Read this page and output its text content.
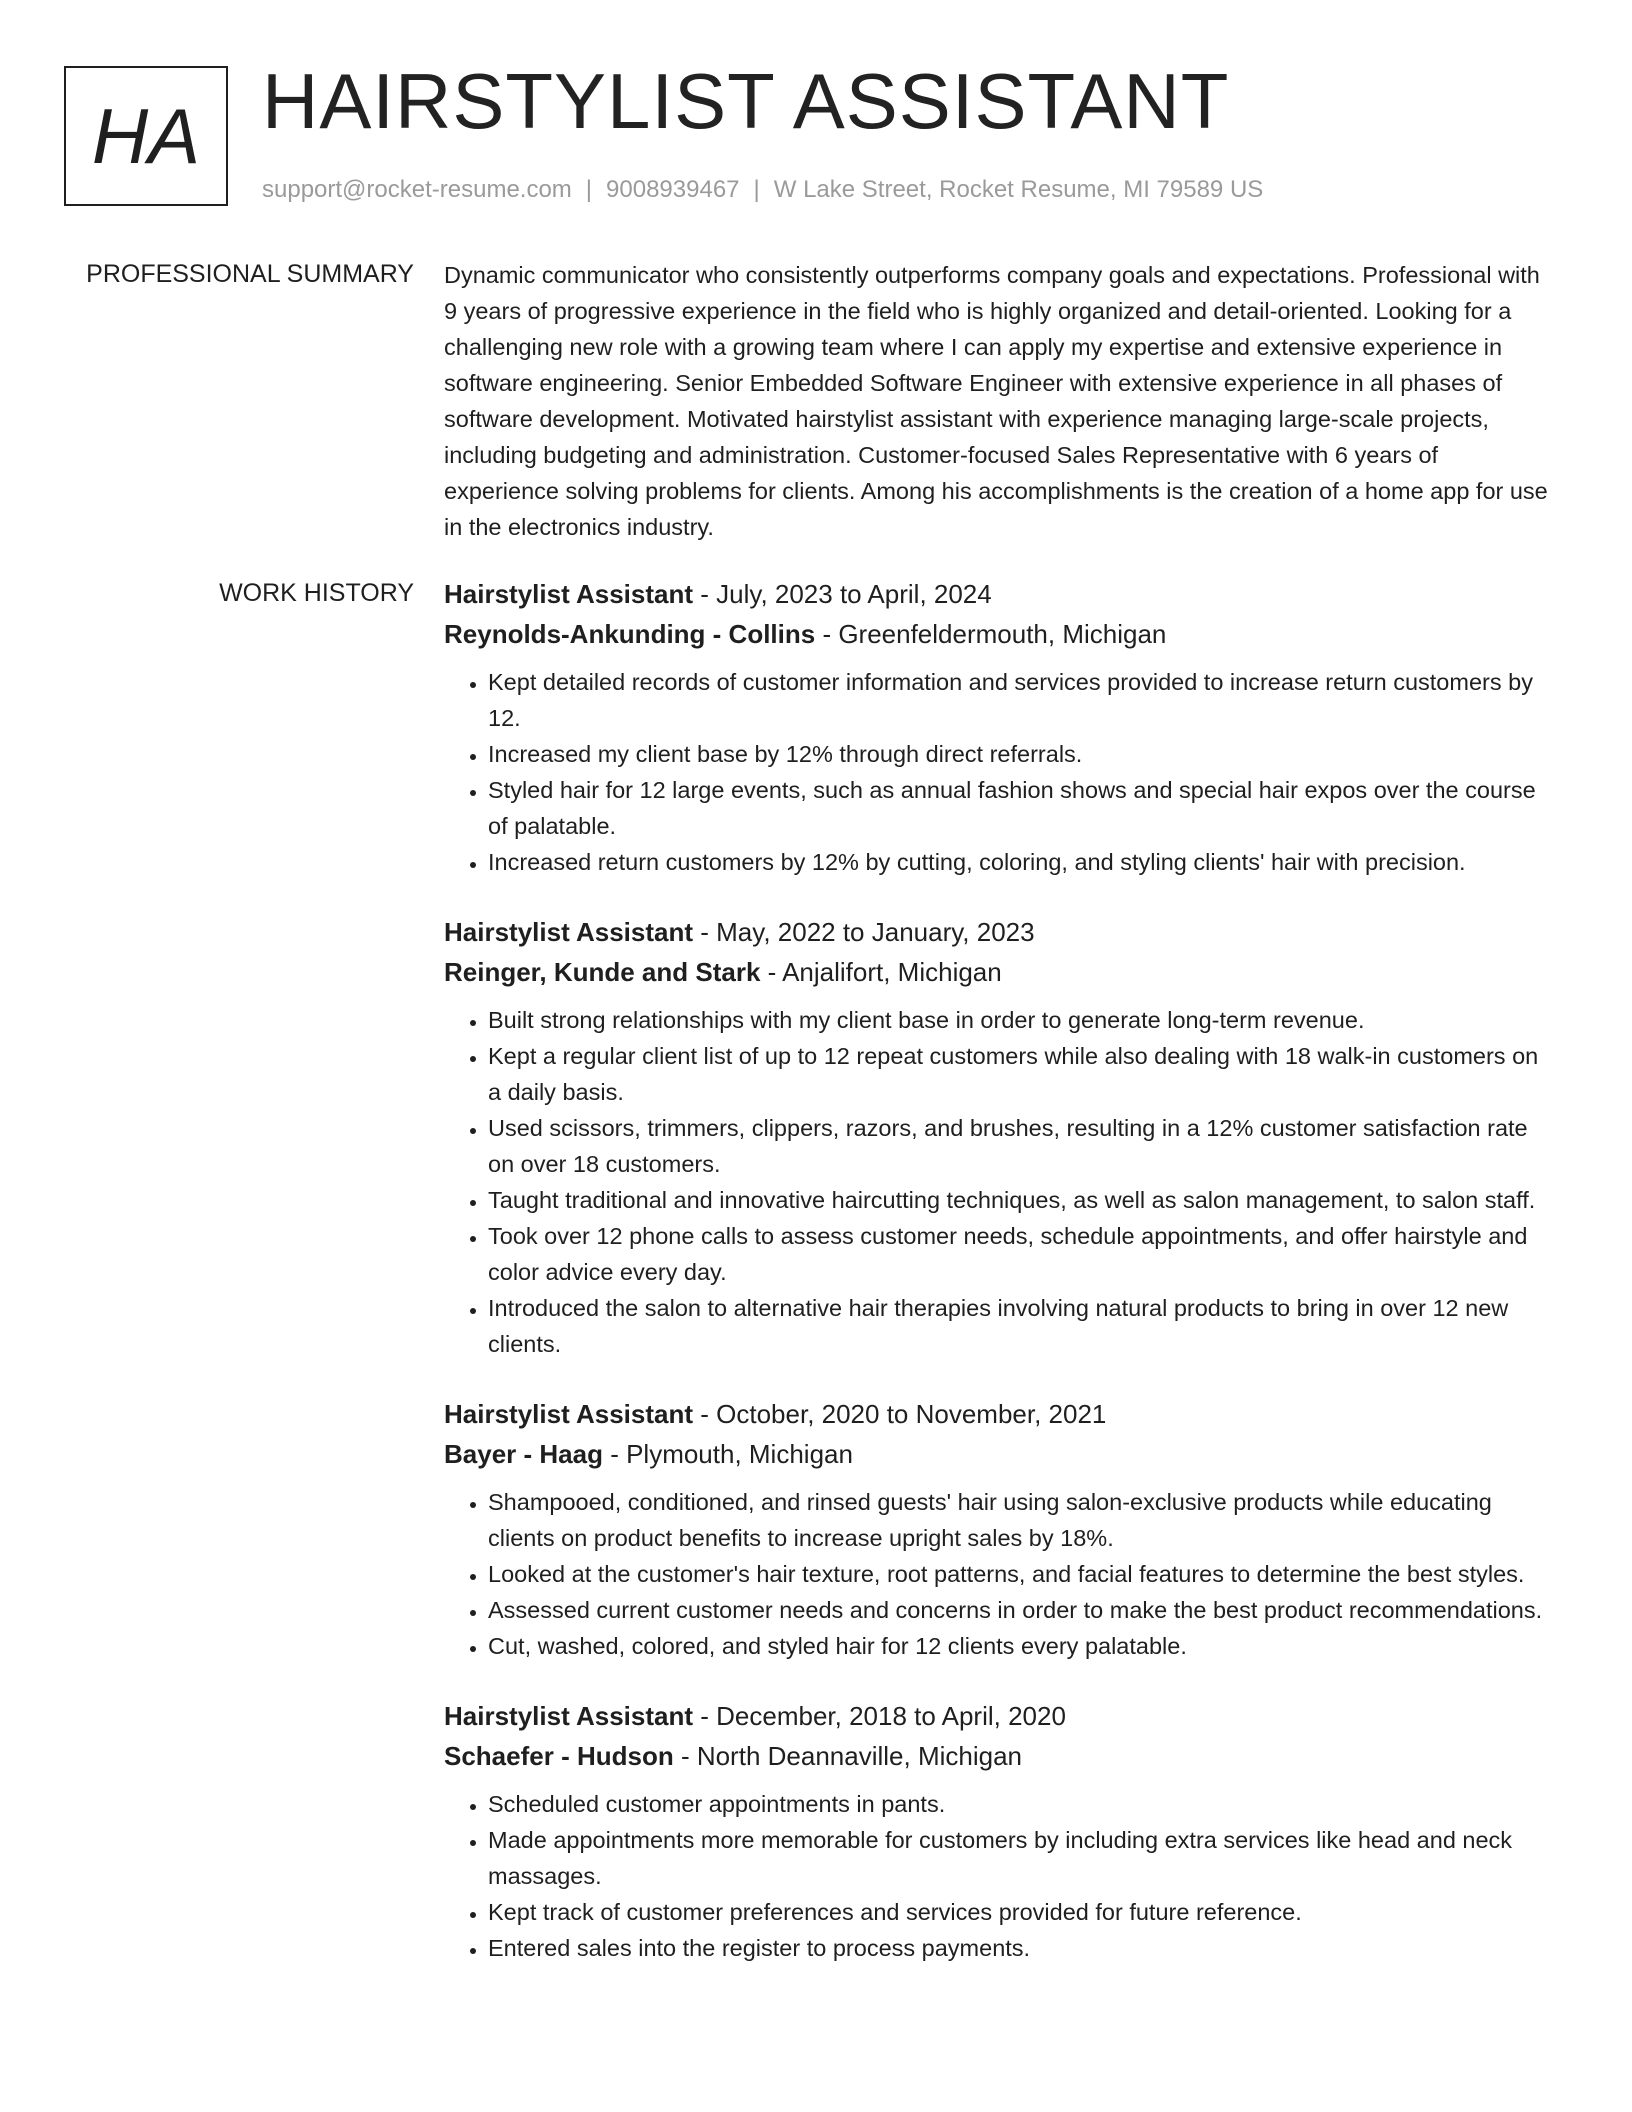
HA HAIRSTYLIST ASSISTANT
support@rocket-resume.com | 9008939467 | W Lake Street, Rocket Resume, MI 79589 US
PROFESSIONAL SUMMARY Dynamic communicator who consistently outperforms company goals and expectations. Professional with 9 years of progressive experience in the field who is highly organized and detail-oriented. Looking for a challenging new role with a growing team where I can apply my expertise and extensive experience in software engineering. Senior Embedded Software Engineer with extensive experience in all phases of software development. Motivated hairstylist assistant with experience managing large-scale projects, including budgeting and administration. Customer-focused Sales Representative with 6 years of experience solving problems for clients. Among his accomplishments is the creation of a home app for use in the electronics industry.

WORK HISTORY Hairstylist Assistant - July, 2023 to April, 2024
Reynolds-Ankunding - Collins - Greenfeldermouth, Michigan
• Kept detailed records of customer information and services provided to increase return customers by 12.
• Increased my client base by 12% through direct referrals.
• Styled hair for 12 large events, such as annual fashion shows and special hair expos over the course of palatable.
• Increased return customers by 12% by cutting, coloring, and styling clients' hair with precision.
Hairstylist Assistant - May, 2022 to January, 2023
Reinger, Kunde and Stark - Anjalifort, Michigan
• Built strong relationships with my client base in order to generate long-term revenue.
• Kept a regular client list of up to 12 repeat customers while also dealing with 18 walk-in customers on a daily basis.
• Used scissors, trimmers, clippers, razors, and brushes, resulting in a 12% customer satisfaction rate on over 18 customers.
• Taught traditional and innovative haircutting techniques, as well as salon management, to salon staff.
• Took over 12 phone calls to assess customer needs, schedule appointments, and offer hairstyle and color advice every day.
• Introduced the salon to alternative hair therapies involving natural products to bring in over 12 new clients.
Hairstylist Assistant - October, 2020 to November, 2021
Bayer - Haag - Plymouth, Michigan
• Shampooed, conditioned, and rinsed guests' hair using salon-exclusive products while educating clients on product benefits to increase upright sales by 18%.
• Looked at the customer's hair texture, root patterns, and facial features to determine the best styles.
• Assessed current customer needs and concerns in order to make the best product recommendations.
• Cut, washed, colored, and styled hair for 12 clients every palatable.
Hairstylist Assistant - December, 2018 to April, 2020
Schaefer - Hudson - North Deannaville, Michigan
• Scheduled customer appointments in pants.
• Made appointments more memorable for customers by including extra services like head and neck massages.
• Kept track of customer preferences and services provided for future reference.
• Entered sales into the register to process payments.
